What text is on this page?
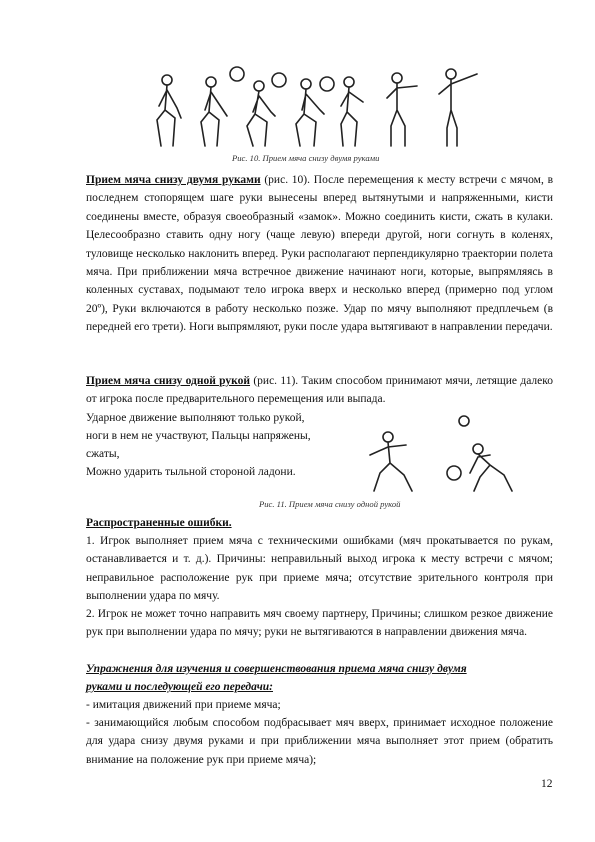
Рис. 10. Прием мяча снизу двумя руками
Прием мяча снизу двумя руками (рис. 10). После перемещения к месту встречи с мячом, в последнем стопорящем шаге руки вынесены вперед вытянутыми и напряженными, кисти соединены вместе, образуя своеобразный «замок». Можно соединить кисти, сжать в кулаки. Целесообразно ставить одну ногу (чаще левую) впереди другой, ноги согнуть в коленях, туловище несколько наклонить вперед. Руки располагают перпендикулярно траектории полета мяча. При приближении мяча встречное движение начинают ноги, которые, выпрямляясь в коленных суставах, подымают тело игрока вверх и несколько вперед (примерно под углом 20º), Руки включаются в работу несколько позже. Удар по мячу выполняют предплечьем (в передней его трети). Ноги выпрямляют, руки после удара вытягивают в направлении передачи.
Прием мяча снизу одной рукой (рис. 11). Таким способом принимают мячи, летящие далеко от игрока после предварительного перемещения или выпада.
Ударное движение выполняют только рукой,
ноги в нем не участвуют, Пальцы напряжены,
сжаты,
Можно ударить тыльной стороной ладони.
Рис. 11. Прием мяча снизу одной рукой
Распространенные ошибки.
1. Игрок выполняет прием мяча с техническими ошибками (мяч прокатывается по рукам, останавливается и т. д.). Причины: неправильный выход игрока к месту встречи с мячом; неправильное расположение рук при приеме мяча; отсутствие зрительного контроля при выполнении удара по мячу.
2. Игрок не может точно направить мяч своему партнеру, Причины; слишком резкое движение рук при выполнении удара по мячу; руки не вытягиваются в направлении движения мяча.
Упражнения для изучения и совершенствования приема мяча снизу двумя
руками и последующей его передачи:
- имитация движений при приеме мяча;
- занимающийся любым способом подбрасывает мяч вверх, принимает исходное положение для удара снизу двумя руками и при приближении мяча выполняет этот прием (обратить внимание на положение рук при приеме мяча);
12
